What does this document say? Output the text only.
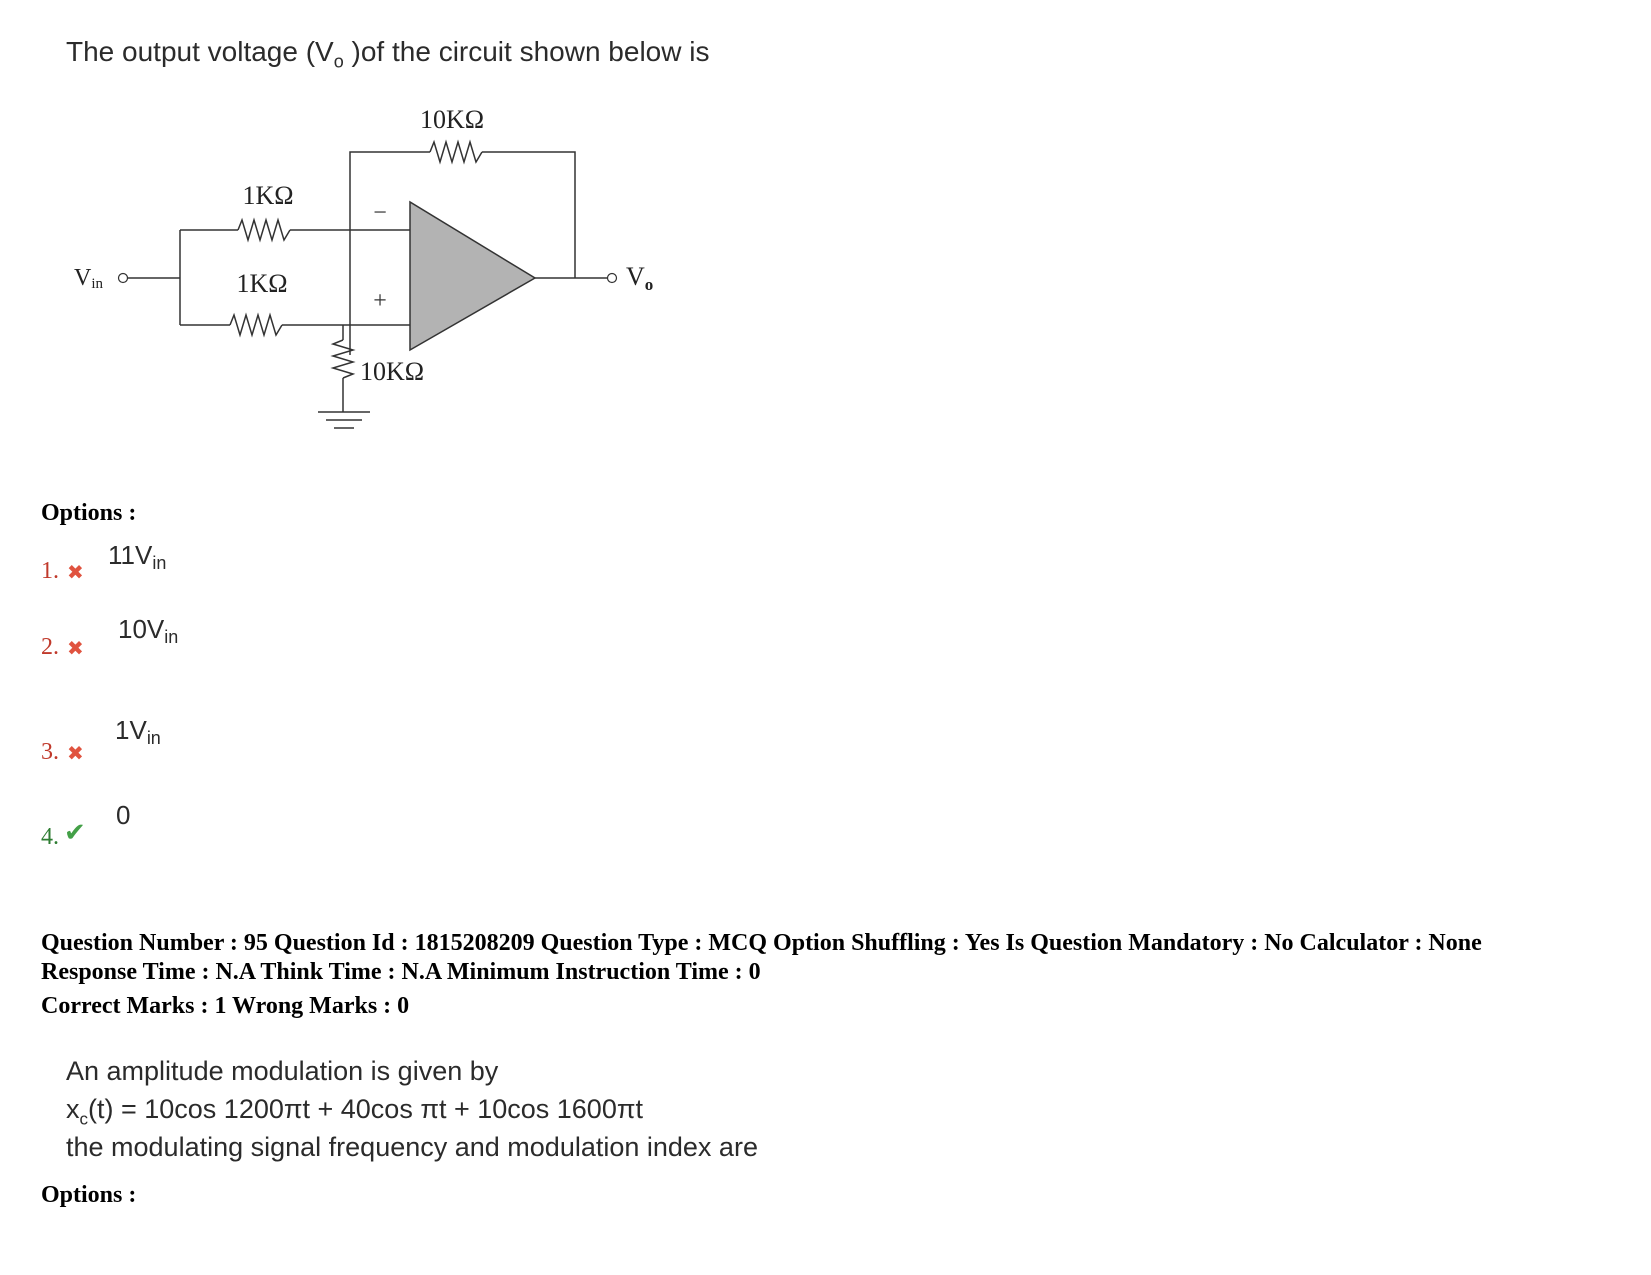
The output voltage ($V_o$ )of the circuit shown below is
10KΩ
1KΩ
1KΩ
10KΩ
−
+
Vin	Vo
Options :
1. ✖
$11V_{in}$
2. ✖
$10V_{in}$
3. ✖
$1V_{in}$
4. ✔
0
Question Number : 95 Question Id : 1815208209 Question Type : MCQ Option Shuffling : Yes Is Question Mandatory : No Calculator : None
Response Time : N.A Think Time : N.A Minimum Instruction Time : 0
Correct Marks : 1 Wrong Marks : 0
An amplitude modulation is given by
$x_c(t) = 10\cos$ 1200πt + 40cos πt + 10cos 1600πt
the modulating signal frequency and modulation index are
Options :
